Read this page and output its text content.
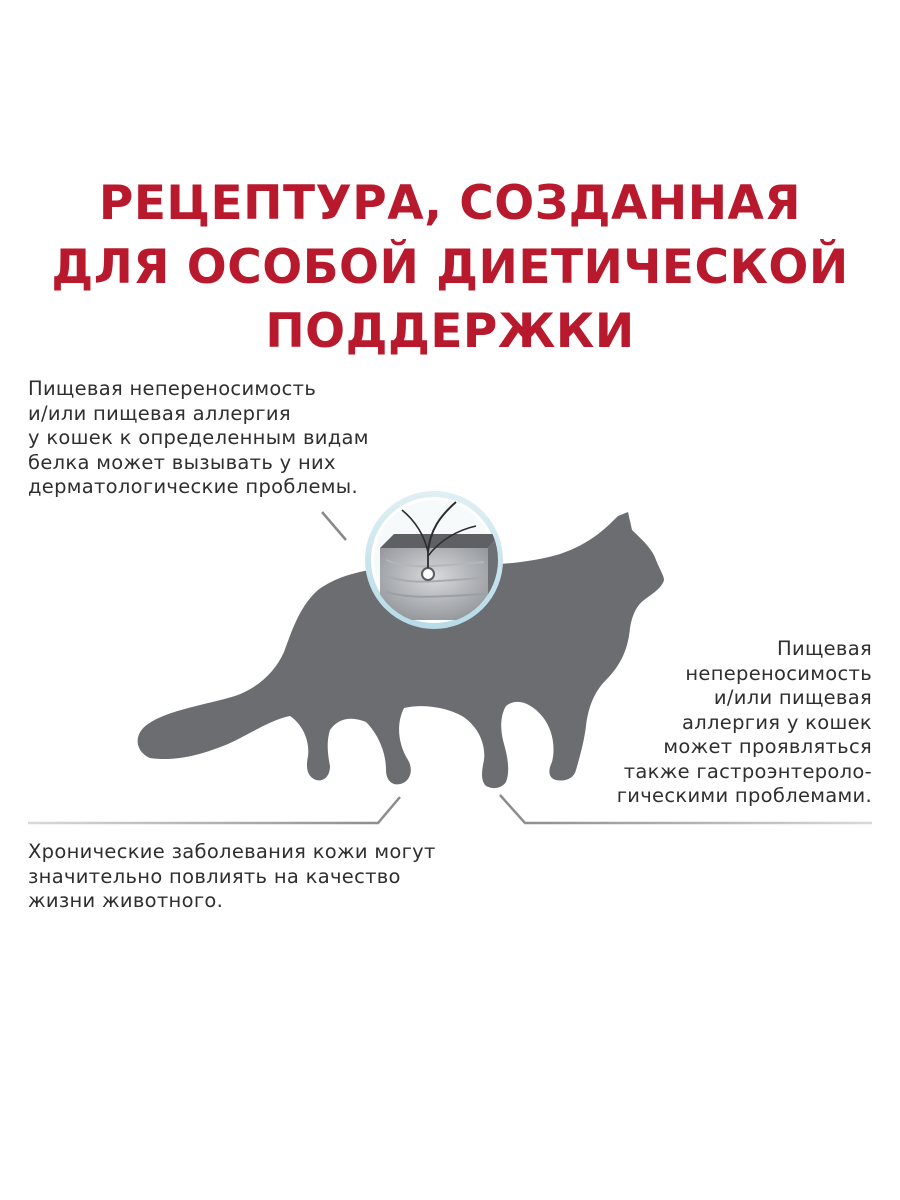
РЕЦЕПТУРА, СОЗДАННАЯ
ДЛЯ ОСОБОЙ ДИЕТИЧЕСКОЙ
ПОДДЕРЖКИ
Пищевая непереносимость
и/или пищевая аллергия
у кошек к определенным видам
белка может вызывать у них
дерматологические проблемы.
Пищевая
непереносимость
и/или пищевая
аллергия у кошек
может проявляться
также гастроэнтероло-
гическими проблемами.
Хронические заболевания кожи могут
значительно повлиять на качество
жизни животного.
